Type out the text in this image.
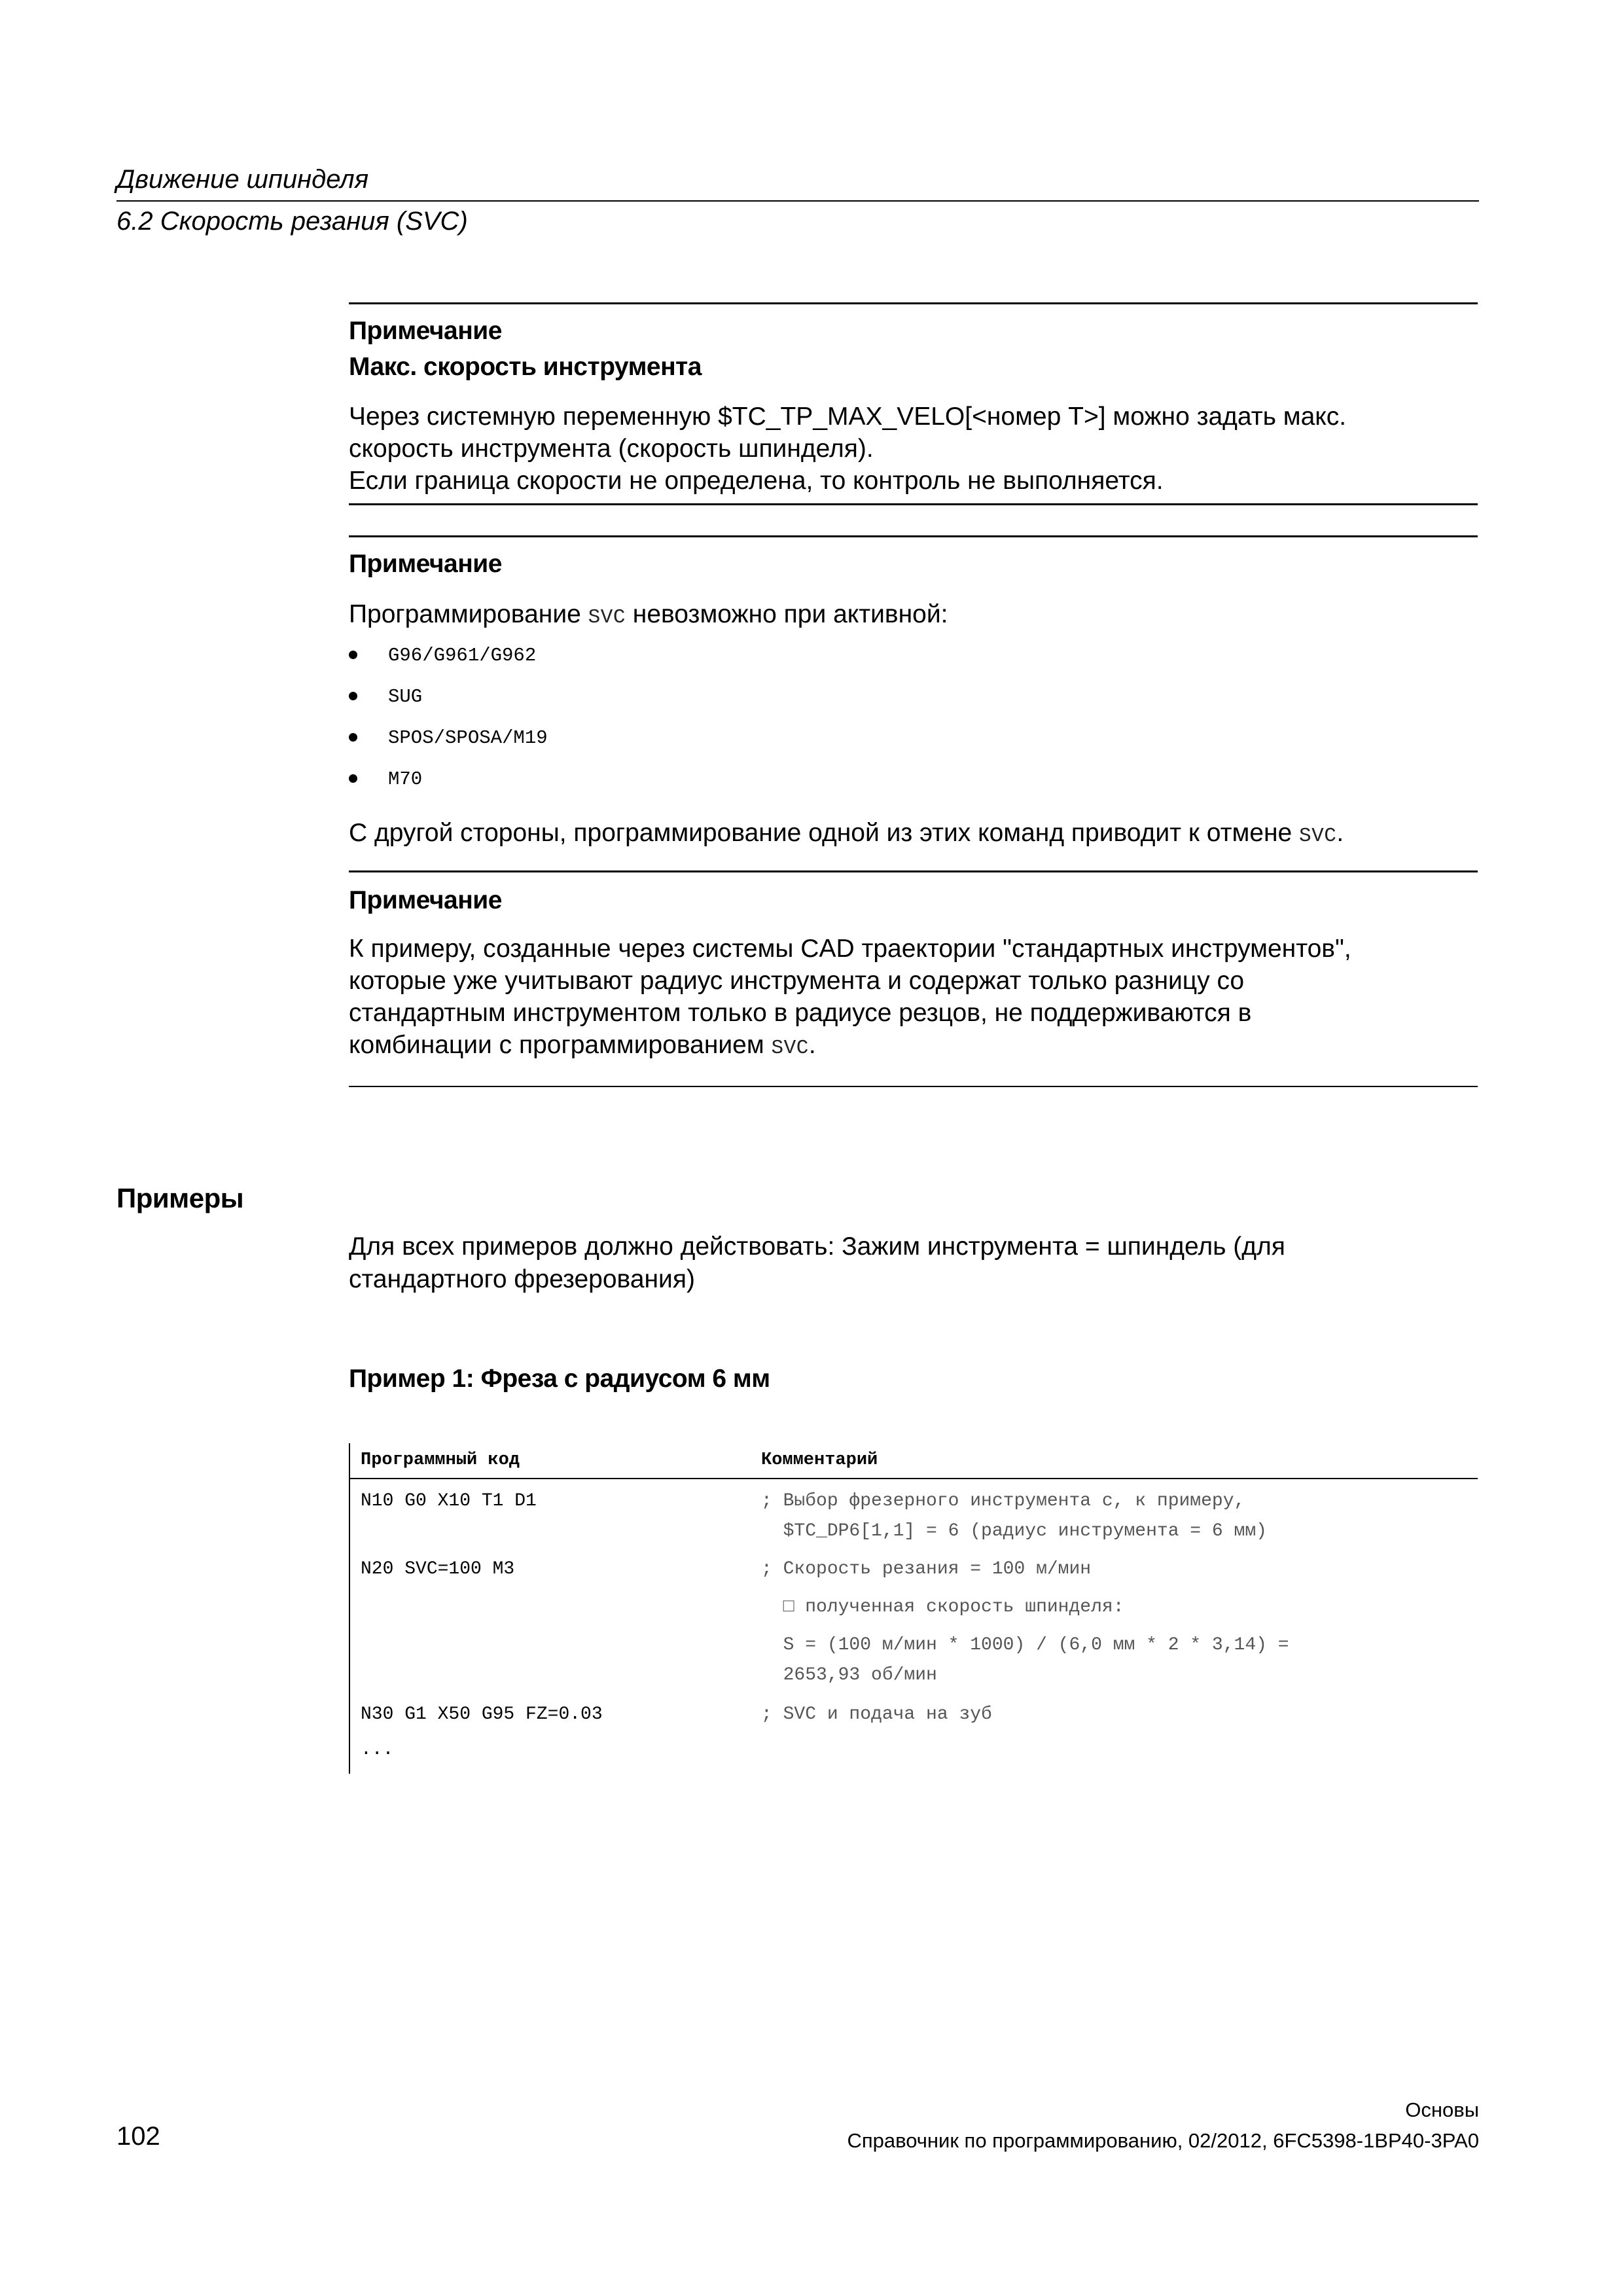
Движение шпинделя
6.2 Скорость резания (SVC)
Примечание
Макс. скорость инструмента
Через системную переменную $TC_TP_MAX_VELO[<номер T>] можно задать макс.
скорость инструмента (скорость шпинделя).
Если граница скорости не определена, то контроль не выполняется.
Примечание
Программирование SVC невозможно при активной:
G96/G961/G962
SUG
SPOS/SPOSA/M19
M70
С другой стороны, программирование одной из этих команд приводит к отмене SVC.
Примечание
К примеру, созданные через системы CAD траектории "стандартных инструментов",
которые уже учитывают радиус инструмента и содержат только разницу со
стандартным инструментом только в радиусе резцов, не поддерживаются в
комбинации с программированием SVC.
Примеры
Для всех примеров должно действовать: Зажим инструмента = шпиндель (для
стандартного фрезерования)
Пример 1: Фреза с радиусом 6 мм
Программный код	Комментарий
N10 G0 X10 T1 D1	; Выбор фрезерного инструмента с, к примеру,
$TC_DP6[1,1] = 6 (радиус инструмента = 6 мм)
N20 SVC=100 M3	; Скорость резания = 100 м/мин
□ полученная скорость шпинделя:
S = (100 м/мин * 1000) / (6,0 мм * 2 * 3,14) =
2653,93 об/мин
N30 G1 X50 G95 FZ=0.03	; SVC и подача на зуб
...
Основы
102	Справочник по программированию, 02/2012, 6FC5398-1BP40-3PA0
